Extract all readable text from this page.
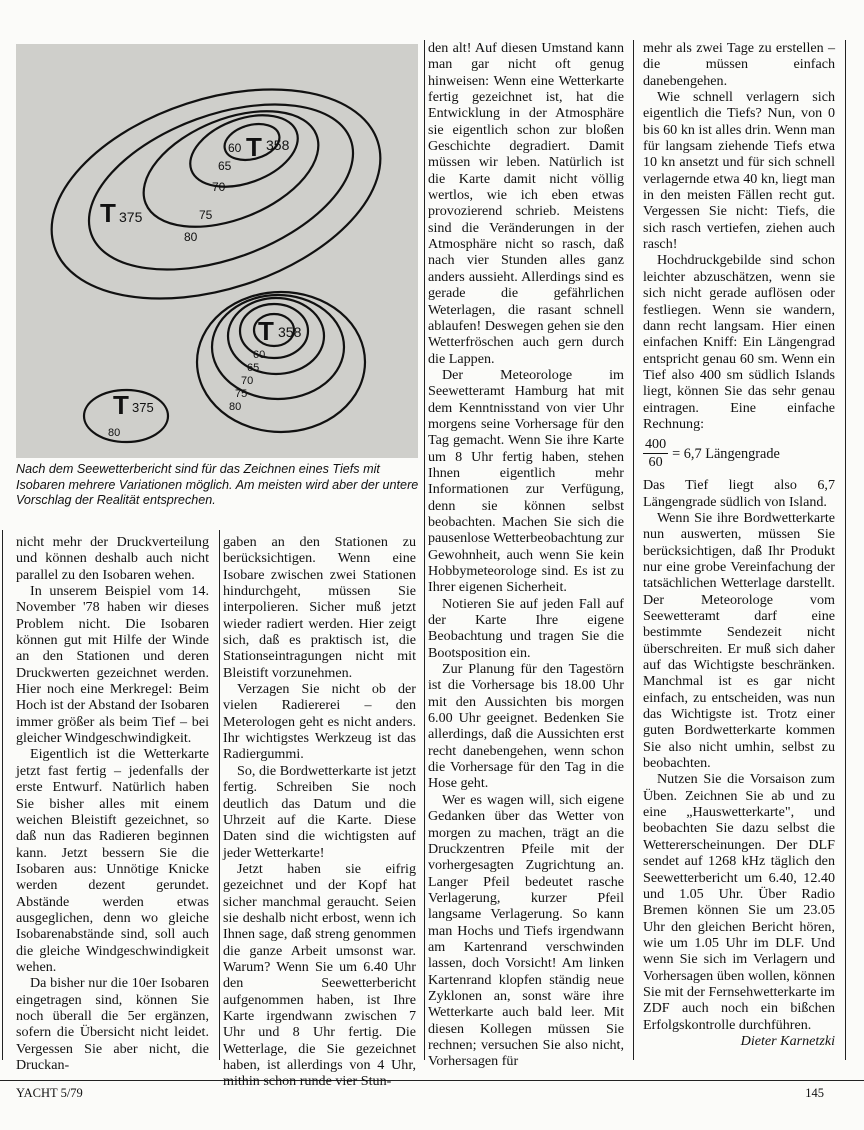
T 358
T 375
T 358
T 375
60
65
70
75
80
60
65
70
75
80
80
Nach dem Seewetterbericht sind für das Zeichnen eines Tiefs mit Isobaren mehrere Variationen möglich. Am meisten wird aber der untere Vorschlag der Realität entsprechen.

nicht mehr der Druckverteilung und können deshalb auch nicht parallel zu den Isobaren wehen.

In unserem Beispiel vom 14. November '78 haben wir dieses Problem nicht. Die Isobaren können gut mit Hilfe der Winde an den Stationen und deren Druckwerten gezeichnet werden. Hier noch eine Merkregel: Beim Hoch ist der Abstand der Isobaren immer größer als beim Tief – bei gleicher Windgeschwindigkeit.

Eigentlich ist die Wetterkarte jetzt fast fertig – jedenfalls der erste Entwurf. Natürlich haben Sie bisher alles mit einem weichen Bleistift gezeichnet, so daß nun das Radieren beginnen kann. Jetzt bessern Sie die Isobaren aus: Unnötige Knicke werden dezent gerundet. Abstände werden etwas ausgeglichen, denn wo gleiche Isobarenabstände sind, soll auch die gleiche Windgeschwindigkeit wehen.

Da bisher nur die 10er Isobaren eingetragen sind, können Sie noch überall die 5er ergänzen, sofern die Übersicht nicht leidet. Vergessen Sie aber nicht, die Druckan-

gaben an den Stationen zu berücksichtigen. Wenn eine Isobare zwischen zwei Stationen hindurchgeht, müssen Sie interpolieren. Sicher muß jetzt wieder radiert werden. Hier zeigt sich, daß es praktisch ist, die Stationseintragungen nicht mit Bleistift vorzunehmen.

Verzagen Sie nicht ob der vielen Radiererei – den Meterologen geht es nicht anders. Ihr wichtigstes Werkzeug ist das Radiergummi.

So, die Bordwetterkarte ist jetzt fertig. Schreiben Sie noch deutlich das Datum und die Uhrzeit auf die Karte. Diese Daten sind die wichtigsten auf jeder Wetterkarte!

Jetzt haben sie eifrig gezeichnet und der Kopf hat sicher manchmal geraucht. Seien sie deshalb nicht erbost, wenn ich Ihnen sage, daß streng genommen die ganze Arbeit umsonst war. Warum? Wenn Sie um 6.40 Uhr den Seewetterbericht aufgenommen haben, ist Ihre Karte irgendwann zwischen 7 Uhr und 8 Uhr fertig. Die Wetterlage, die Sie gezeichnet haben, ist allerdings von 4 Uhr, mithin schon runde vier Stun-

den alt! Auf diesen Umstand kann man gar nicht oft genug hinweisen: Wenn eine Wetterkarte fertig gezeichnet ist, hat die Entwicklung in der Atmosphäre sie eigentlich schon zur bloßen Geschichte degradiert. Damit müssen wir leben. Natürlich ist die Karte damit nicht völlig wertlos, wie ich eben etwas provozierend schrieb. Meistens sind die Veränderungen in der Atmosphäre nicht so rasch, daß nach vier Stunden alles ganz anders aussieht. Allerdings sind es gerade die gefährlichen Weterlagen, die rasant schnell ablaufen! Deswegen gehen sie den Wetterfröschen auch gern durch die Lappen.

Der Meteorologe im Seewetteramt Hamburg hat mit dem Kenntnisstand von vier Uhr morgens seine Vorhersage für den Tag gemacht. Wenn Sie ihre Karte um 8 Uhr fertig haben, stehen Ihnen eigentlich mehr Informationen zur Verfügung, denn sie können selbst beobachten. Machen Sie sich die pausenlose Wetterbeobachtung zur Gewohnheit, auch wenn Sie kein Hobbymeteorologe sind. Es ist zu Ihrer eigenen Sicherheit.

Notieren Sie auf jeden Fall auf der Karte Ihre eigene Beobachtung und tragen Sie die Bootsposition ein.

Zur Planung für den Tagestörn ist die Vorhersage bis 18.00 Uhr mit den Aussichten bis morgen 6.00 Uhr geeignet. Bedenken Sie allerdings, daß die Aussichten erst recht danebengehen, wenn schon die Vorhersage für den Tag in die Hose geht.

Wer es wagen will, sich eigene Gedanken über das Wetter von morgen zu machen, trägt an die Druckzentren Pfeile mit der vorhergesagten Zugrichtung an. Langer Pfeil bedeutet rasche Verlagerung, kurzer Pfeil langsame Verlagerung. So kann man Hochs und Tiefs irgendwann am Kartenrand verschwinden lassen, doch Vorsicht! Am linken Kartenrand klopfen ständig neue Zyklonen an, sonst wäre ihre Wetterkarte auch bald leer. Mit diesen Kollegen müssen Sie rechnen; versuchen Sie also nicht, Vorhersagen für

mehr als zwei Tage zu erstellen – die müssen einfach danebengehen.

Wie schnell verlagern sich eigentlich die Tiefs? Nun, von 0 bis 60 kn ist alles drin. Wenn man für langsam ziehende Tiefs etwa 10 kn ansetzt und für sich schnell verlagernde etwa 40 kn, liegt man in den meisten Fällen recht gut. Vergessen Sie nicht: Tiefs, die sich rasch vertiefen, ziehen auch rasch!

Hochdruckgebilde sind schon leichter abzuschätzen, wenn sie sich nicht gerade auflösen oder festliegen. Wenn sie wandern, dann recht langsam. Hier einen einfachen Kniff: Ein Längengrad entspricht genau 60 sm. Wenn ein Tief also 400 sm südlich Islands liegt, können Sie das sehr genau eintragen. Eine einfache Rechnung:

$\frac{400}{60} = 6,7$ Längengrade

Das Tief liegt also 6,7 Längengrade südlich von Island.

Wenn Sie ihre Bordwetterkarte nun auswerten, müssen Sie berücksichtigen, daß Ihr Produkt nur eine grobe Vereinfachung der tatsächlichen Wetterlage darstellt. Der Meteorologe vom Seewetteramt darf eine bestimmte Sendezeit nicht überschreiten. Er muß sich daher auf das Wichtigste beschränken. Manchmal ist es gar nicht einfach, zu entscheiden, was nun das Wichtigste ist. Trotz einer guten Bordwetterkarte kommen Sie also nicht umhin, selbst zu beobachten.

Nutzen Sie die Vorsaison zum Üben. Zeichnen Sie ab und zu eine „Hauswetterkarte", und beobachten Sie dazu selbst die Wettererscheinungen. Der DLF sendet auf 1268 kHz täglich den Seewetterbericht um 6.40, 12.40 und 1.05 Uhr. Über Radio Bremen können Sie um 23.05 Uhr den gleichen Bericht hören, wie um 1.05 Uhr im DLF. Und wenn Sie sich im Verlagern und Vorhersagen üben wollen, können Sie mit der Fernsehwetterkarte im ZDF auch noch ein bißchen Erfolgskontrolle durchführen.

Dieter Karnetzki

YACHT 5/79	145
